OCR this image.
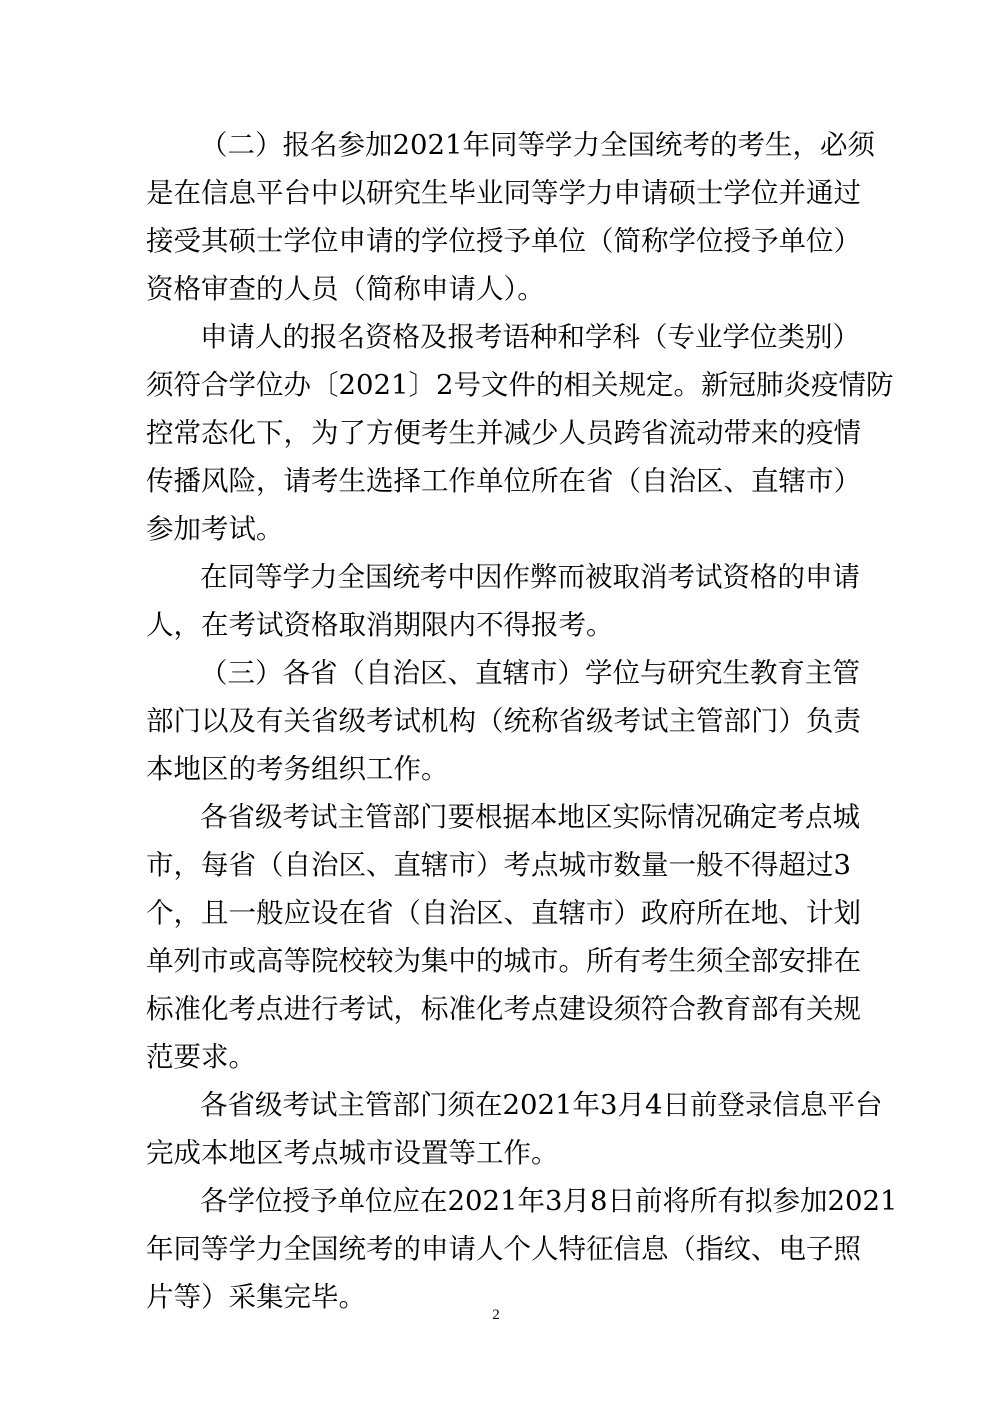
（二）报名参加2021年同等学力全国统考的考生，必须
是在信息平台中以研究生毕业同等学力申请硕士学位并通过
接受其硕士学位申请的学位授予单位（简称学位授予单位）
资格审查的人员（简称申请人）。
申请人的报名资格及报考语种和学科（专业学位类别）
须符合学位办〔2021〕2号文件的相关规定。新冠肺炎疫情防
控常态化下，为了方便考生并减少人员跨省流动带来的疫情
传播风险，请考生选择工作单位所在省（自治区、直辖市）
参加考试。
在同等学力全国统考中因作弊而被取消考试资格的申请
人，在考试资格取消期限内不得报考。
（三）各省（自治区、直辖市）学位与研究生教育主管
部门以及有关省级考试机构（统称省级考试主管部门）负责
本地区的考务组织工作。
各省级考试主管部门要根据本地区实际情况确定考点城
市，每省（自治区、直辖市）考点城市数量一般不得超过3
个，且一般应设在省（自治区、直辖市）政府所在地、计划
单列市或高等院校较为集中的城市。所有考生须全部安排在
标准化考点进行考试，标准化考点建设须符合教育部有关规
范要求。
各省级考试主管部门须在2021年3月4日前登录信息平台
完成本地区考点城市设置等工作。
各学位授予单位应在2021年3月8日前将所有拟参加2021
年同等学力全国统考的申请人个人特征信息（指纹、电子照
片等）采集完毕。
2
